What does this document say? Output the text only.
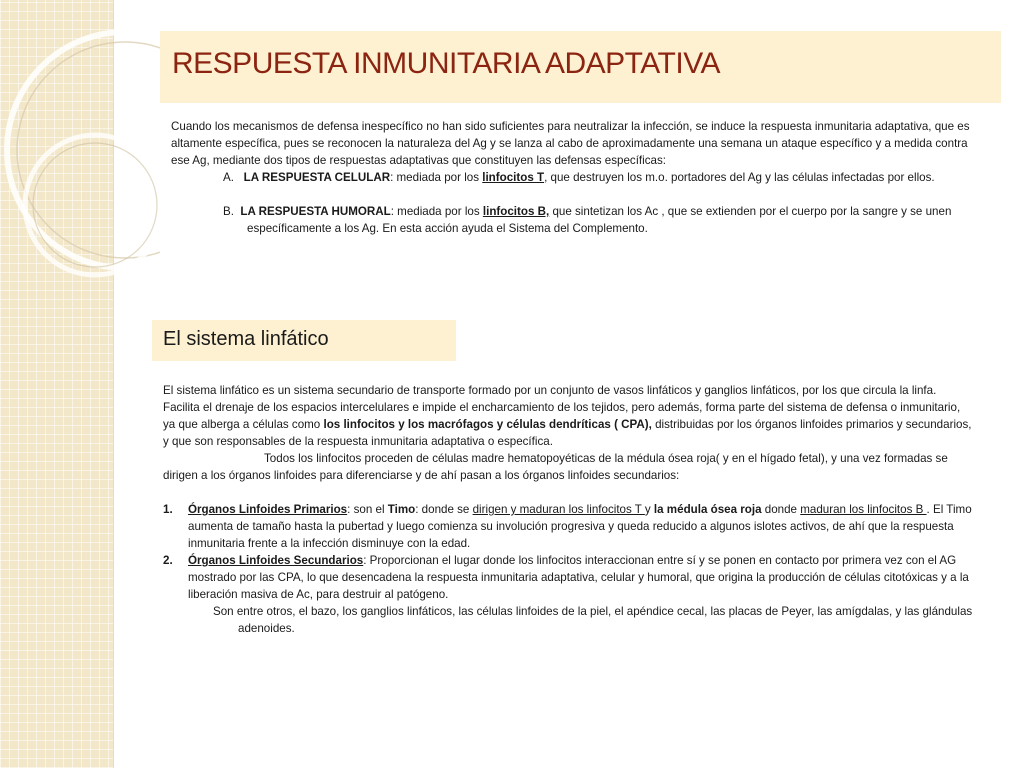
RESPUESTA INMUNITARIA ADAPTATIVA

Cuando los mecanismos de defensa inespecífico no han sido suficientes para neutralizar la infección, se induce la respuesta inmunitaria adaptativa, que es altamente específica, pues se reconocen la naturaleza del Ag y se lanza al cabo de aproximadamente una semana un ataque específico y a medida contra ese Ag, mediante dos tipos de respuestas adaptativas que constituyen las defensas específicas:

A. LA RESPUESTA CELULAR: mediada por los linfocitos T, que destruyen los m.o. portadores del Ag y las células infectadas por ellos.

B. LA RESPUESTA HUMORAL: mediada por los linfocitos B, que sintetizan los Ac , que se extienden por el cuerpo por la sangre y se unen específicamente a los Ag. En esta acción ayuda el Sistema del Complemento.

El sistema linfático

El sistema linfático es un sistema secundario de transporte formado por un conjunto de vasos linfáticos y ganglios linfáticos, por los que circula la linfa. Facilita el drenaje de los espacios intercelulares e impide el encharcamiento de los tejidos, pero además, forma parte del sistema de defensa o inmunitario, ya que alberga a células como los linfocitos y los macrófagos y células dendríticas ( CPA), distribuidas por los órganos linfoides primarios y secundarios, y que son responsables de la respuesta inmunitaria adaptativa o específica.
Todos los linfocitos proceden de células madre hematopoyéticas de la médula ósea roja( y en el hígado fetal), y una vez formadas se dirigen a los órganos linfoides para diferenciarse y de ahí pasan a los órganos linfoides secundarios:

1. Órganos Linfoides Primarios: son el Timo: donde se dirigen y maduran los linfocitos T y la médula ósea roja donde maduran los linfocitos B . El Timo aumenta de tamaño hasta la pubertad y luego comienza su involución progresiva y queda reducido a algunos islotes activos, de ahí que la respuesta inmunitaria frente a la infección disminuye con la edad.

2. Órganos Linfoides Secundarios: Proporcionan el lugar donde los linfocitos interaccionan entre sí y se ponen en contacto por primera vez con el AG mostrado por las CPA, lo que desencadena la respuesta inmunitaria adaptativa, celular y humoral, que origina la producción de células citotóxicas y a la liberación masiva de Ac, para destruir al patógeno.

Son entre otros, el bazo, los ganglios linfáticos, las células linfoides de la piel, el apéndice cecal, las placas de Peyer, las amígdalas, y las glándulas adenoides.
